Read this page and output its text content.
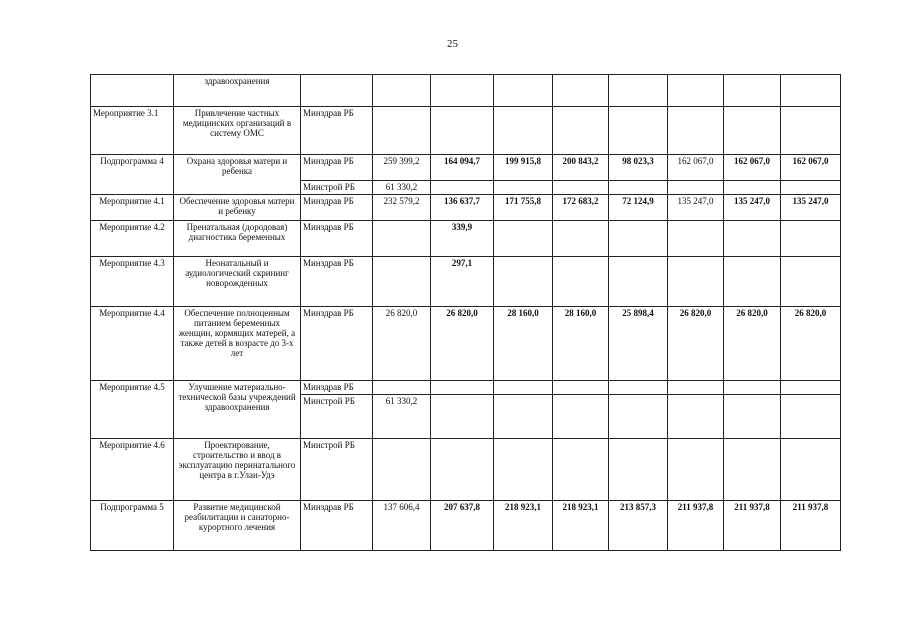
25
	здравоохранения									
Мероприятие 3.1	Привлечение частных медицинских организаций в систему ОМС	Минздрав РБ								
Подпрограмма 4	Охрана здоровья матери и ребенка	Минздрав РБ	259 399,2	164 094,7	199 915,8	200 843,2	98 023,3	162 067,0	162 067,0	162 067,0
		Минстрой РБ	61 330,2							
Мероприятие 4.1	Обеспечение здоровья матери и ребенку	Минздрав РБ	232 579,2	136 637,7	171 755,8	172 683,2	72 124,9	135 247,0	135 247,0	135 247,0
Мероприятие 4.2	Пренатальная (дородовая) диагностика беременных	Минздрав РБ		339,9						
Мероприятие 4.3	Неонатальный и аудиологический скрининг новорожденных	Минздрав РБ		297,1						
Мероприятие 4.4	Обеспечение полноценным питанием беременных женщин, кормящих матерей, а также детей в возрасте до 3-х лет	Минздрав РБ	26 820,0	26 820,0	28 160,0	28 160,0	25 898,4	26 820,0	26 820,0	26 820,0
Мероприятие 4.5	Улучшение материально-технической базы учреждений здравоохранения	Минздрав РБ								
		Минстрой РБ	61 330,2							
Мероприятие 4.6	Проектирование, строительство и ввод в эксплуатацию перинатального центра в г.Улан-Удэ	Минстрой РБ								
Подпрограмма 5	Развитие медицинской реабилитации и санаторно-курортного лечения	Минздрав РБ	137 606,4	207 637,8	218 923,1	218 923,1	213 857,3	211 937,8	211 937,8	211 937,8
